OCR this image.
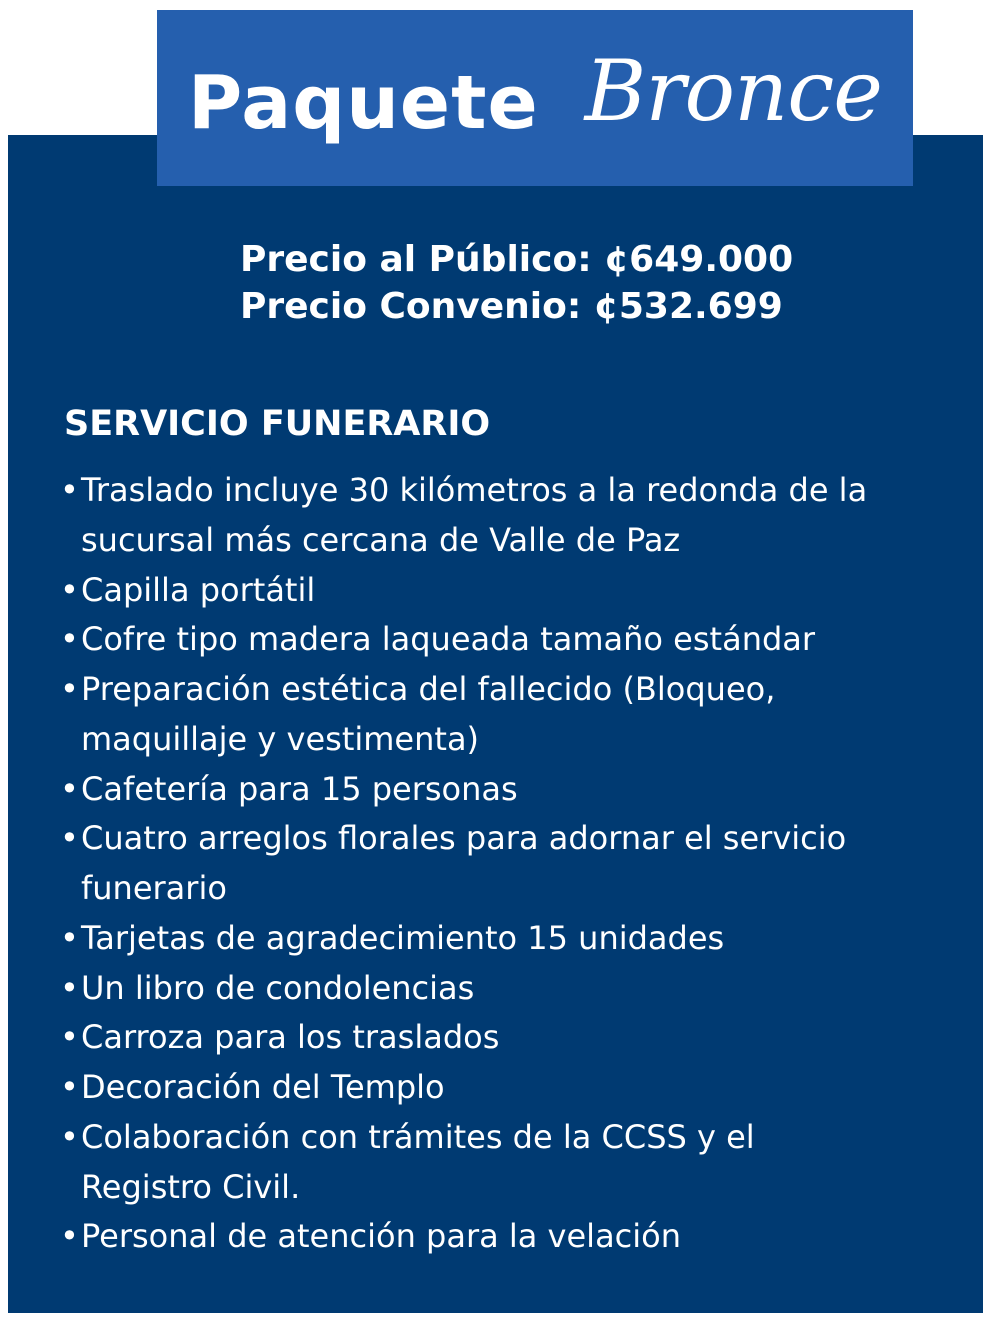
Paquete Bronce
Precio al Público: ¢649.000
Precio Convenio: ¢532.699
SERVICIO FUNERARIO
• Traslado incluye 30 kilómetros a la redonda de la
sucursal más cercana de Valle de Paz
• Capilla portátil
• Cofre tipo madera laqueada tamaño estándar
• Preparación estética del fallecido (Bloqueo,
maquillaje y vestimenta)
• Cafetería para 15 personas
• Cuatro arreglos florales para adornar el servicio
funerario
• Tarjetas de agradecimiento 15 unidades
• Un libro de condolencias
• Carroza para los traslados
• Decoración del Templo
• Colaboración con trámites de la CCSS y el
Registro Civil.
• Personal de atención para la velación
